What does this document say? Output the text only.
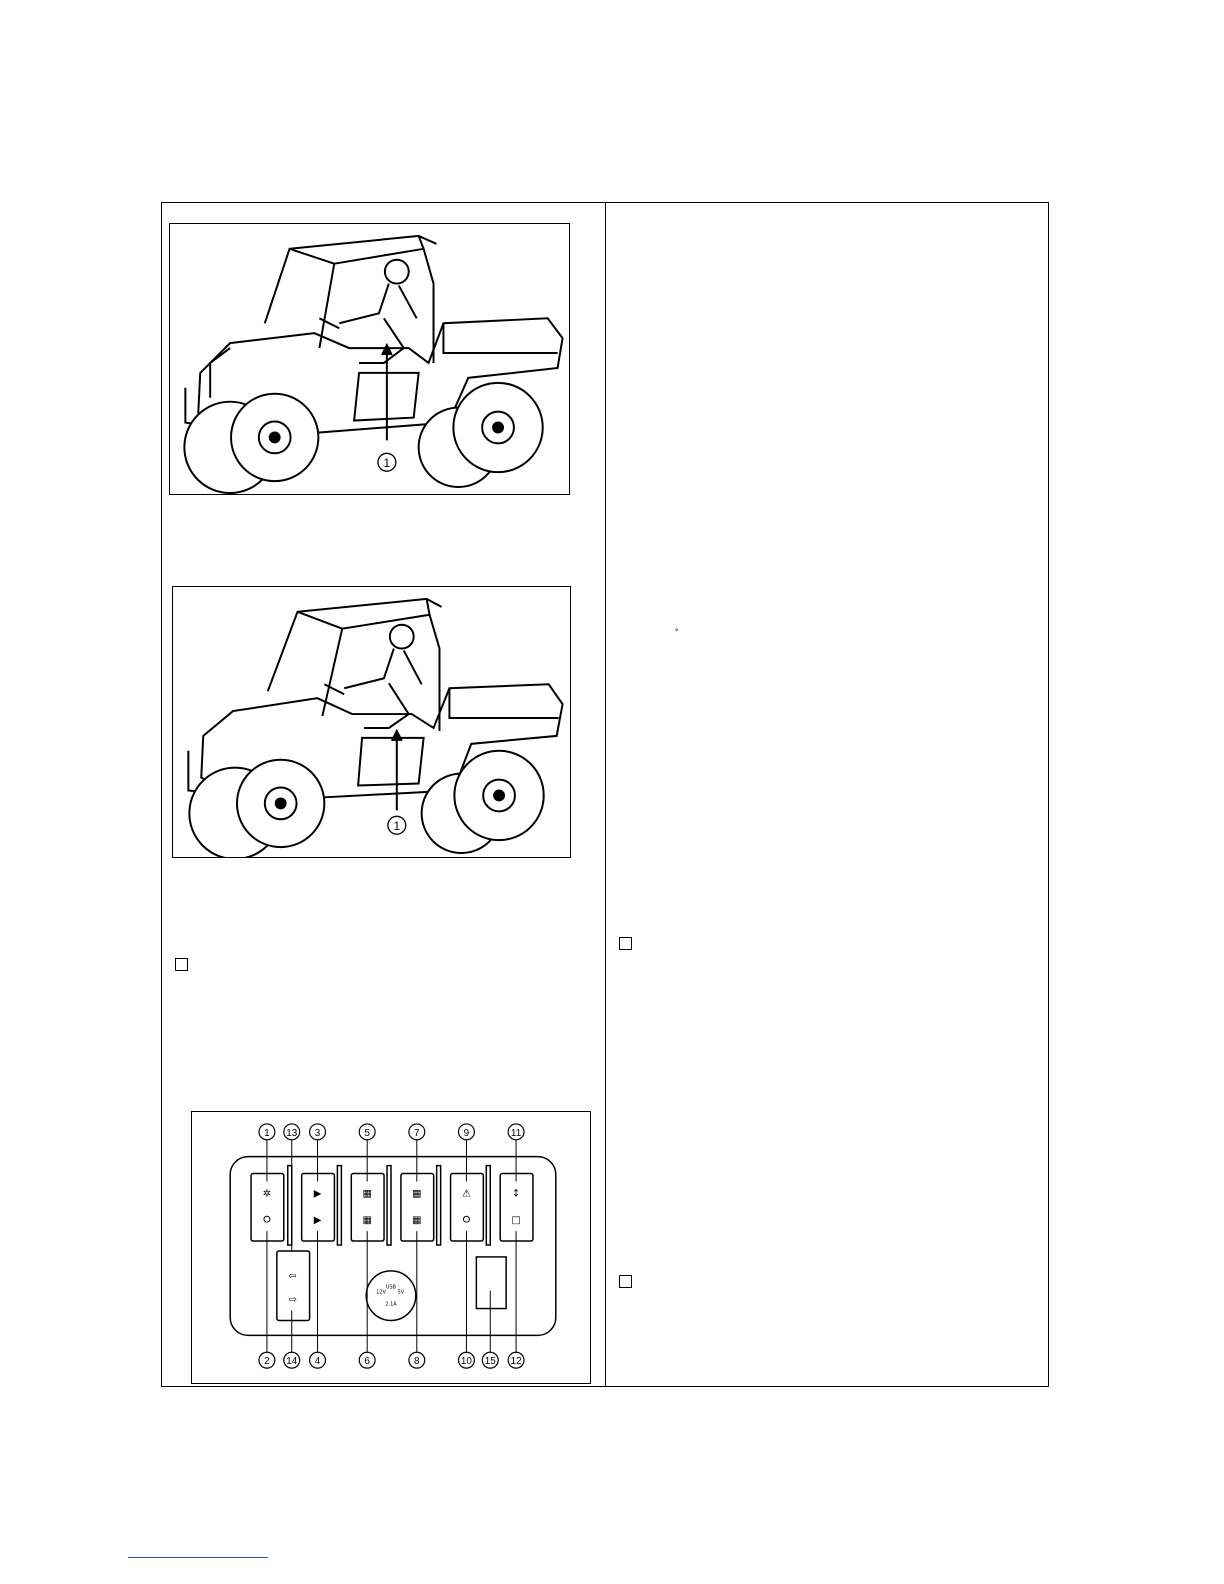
1
1
✲	▶
▶
▦
▦
▦
▦
⚠	↕
□
⇦
⇨
12V
USB
5V
2.1A
1 13 3	5	7	9	11
2 14 4	6	8	10 15 12
°
